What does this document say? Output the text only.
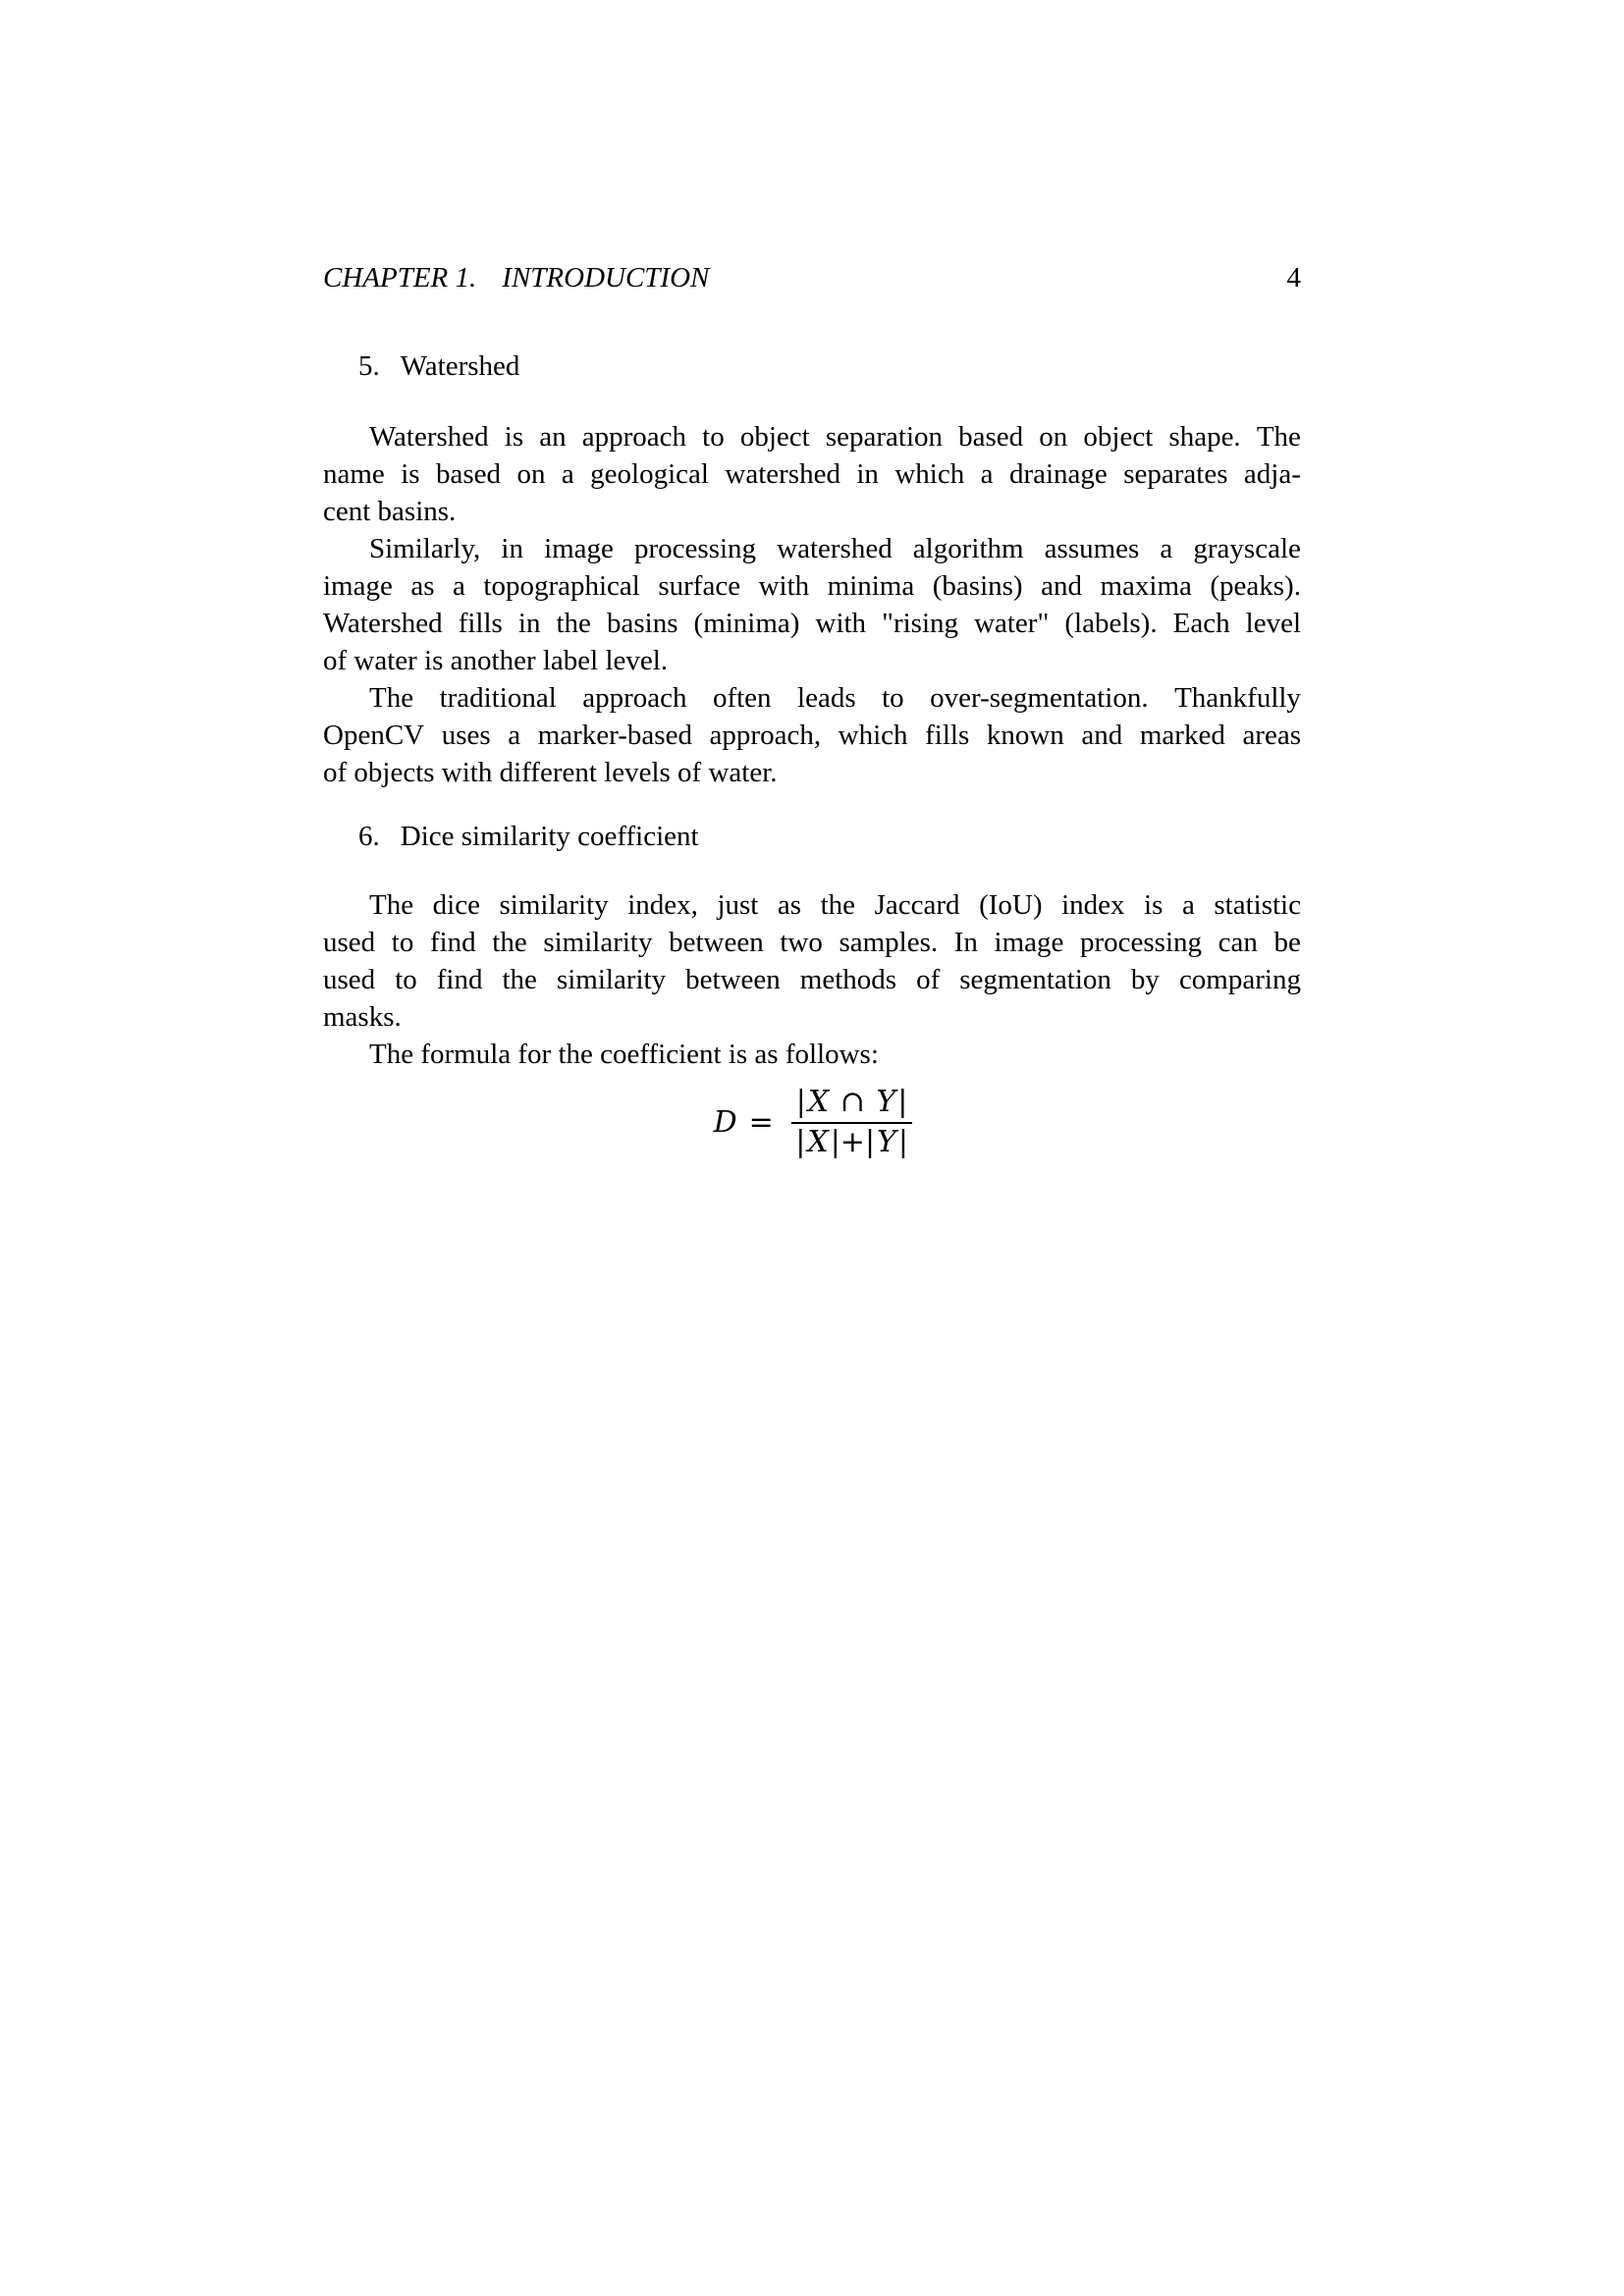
CHAPTER 1. INTRODUCTION	4
5. Watershed
Watershed is an approach to object separation based on object shape. The
name is based on a geological watershed in which a drainage separates adja-
cent basins.
Similarly, in image processing watershed algorithm assumes a grayscale
image as a topographical surface with minima (basins) and maxima (peaks).
Watershed fills in the basins (minima) with "rising water" (labels). Each level
of water is another label level.
The traditional approach often leads to over-segmentation. Thankfully
OpenCV uses a marker-based approach, which fills known and marked areas
of objects with different levels of water.
6. Dice similarity coefficient
The dice similarity index, just as the Jaccard (IoU) index is a statistic
used to find the similarity between two samples. In image processing can be
used to find the similarity between methods of segmentation by comparing
masks.
The formula for the coefficient is as follows:
$D = \frac{|X \cap Y|}{|X|+|Y|}$
